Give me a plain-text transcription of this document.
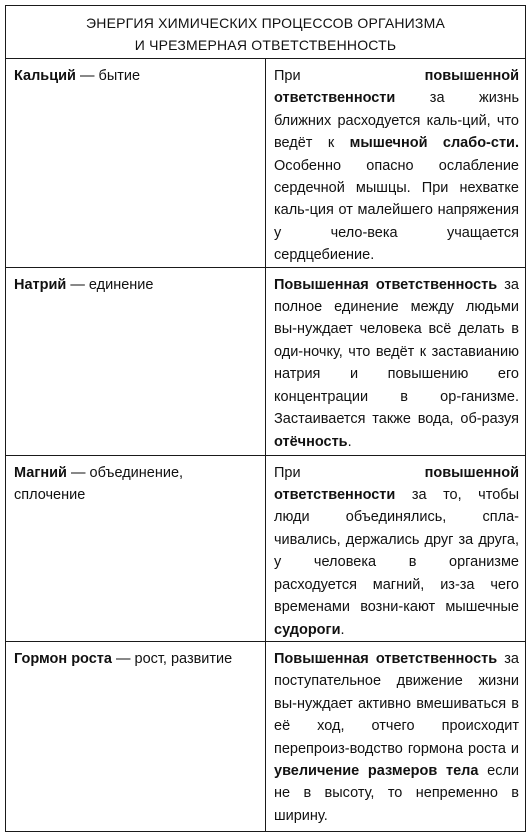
ЭНЕРГИЯ ХИМИЧЕСКИХ ПРОЦЕССОВ ОРГАНИЗМА
И ЧРЕЗМЕРНАЯ ОТВЕТСТВЕННОСТЬ	

Кальций — бытие	При повышенной ответственности за жизнь ближних расходуется каль-ций, что ведёт к мышечной слабо-сти. Особенно опасно ослабление сердечной мышцы. При нехватке каль-ция от малейшего напряжения у чело-века учащается сердцебиение.
Натрий — единение	Повышенная ответственность за полное единение между людьми вы-нуждает человека всё делать в оди-ночку, что ведёт к заставианию натрия и повышению его концентрации в ор-ганизме. Застаивается также вода, об-разуя отёчность.
Магний — объединение, сплочение	При повышенной ответственности за то, чтобы люди объединялись, спла-чивались, держались друг за друга, у человека в организме расходуется магний, из-за чего временами возни-кают мышечные судороги.
Гормон роста — рост, развитие	Повышенная ответственность за поступательное движение жизни вы-нуждает активно вмешиваться в её ход, отчего происходит перепроиз-водство гормона роста и увеличение размеров тела если не в высоту, то непременно в ширину.
